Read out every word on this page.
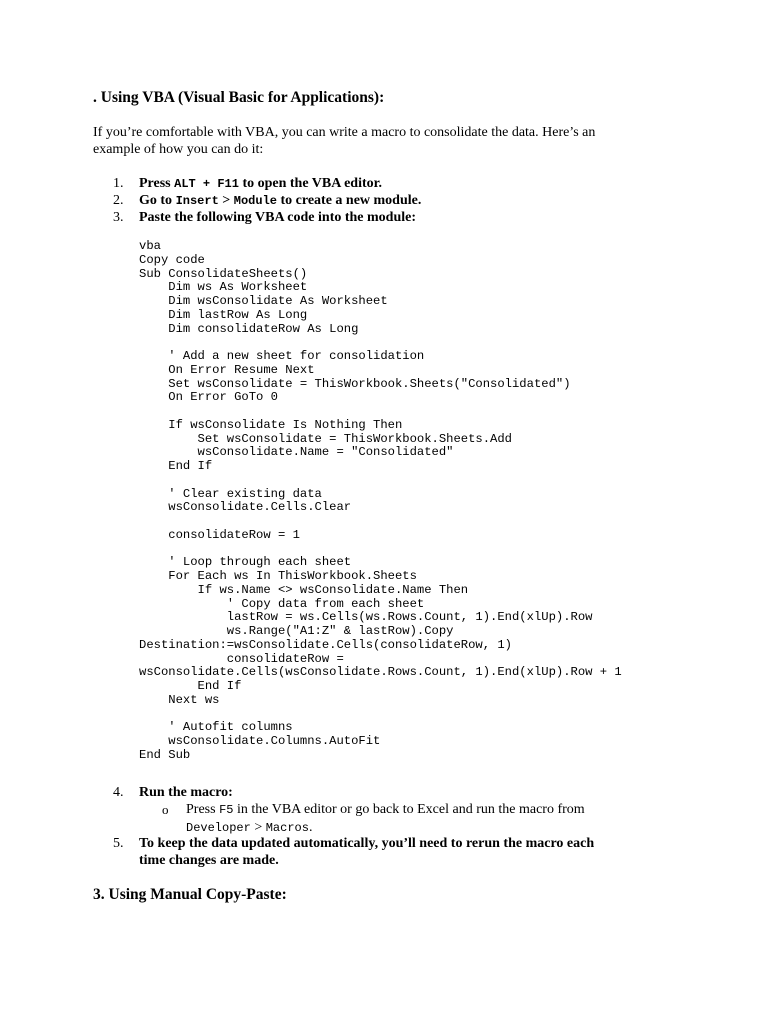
. Using VBA (Visual Basic for Applications):

If you’re comfortable with VBA, you can write a macro to consolidate the data. Here’s an

example of how you can do it:

1.	Press ALT + F11 to open the VBA editor.
2.	Go to Insert > Module to create a new module.
3.	Paste the following VBA code into the module:
vba
Copy code
Sub ConsolidateSheets()
Dim ws As Worksheet
Dim wsConsolidate As Worksheet
Dim lastRow As Long
Dim consolidateRow As Long

' Add a new sheet for consolidation
On Error Resume Next
Set wsConsolidate = ThisWorkbook.Sheets("Consolidated")
On Error GoTo 0

If wsConsolidate Is Nothing Then
Set wsConsolidate = ThisWorkbook.Sheets.Add
wsConsolidate.Name = "Consolidated"
End If

' Clear existing data
wsConsolidate.Cells.Clear

consolidateRow = 1

' Loop through each sheet
For Each ws In ThisWorkbook.Sheets
If ws.Name <> wsConsolidate.Name Then
' Copy data from each sheet
lastRow = ws.Cells(ws.Rows.Count, 1).End(xlUp).Row
ws.Range("A1:Z" & lastRow).Copy
Destination:=wsConsolidate.Cells(consolidateRow, 1)
consolidateRow =
wsConsolidate.Cells(wsConsolidate.Rows.Count, 1).End(xlUp).Row + 1
End If
Next ws

' Autofit columns
wsConsolidate.Columns.AutoFit
End Sub
4.	Run the macro:
o Press F5 in the VBA editor or go back to Excel and run the macro from
Developer > Macros.
5.	To keep the data updated automatically, you’ll need to rerun the macro each
time changes are made.
3. Using Manual Copy-Paste:
